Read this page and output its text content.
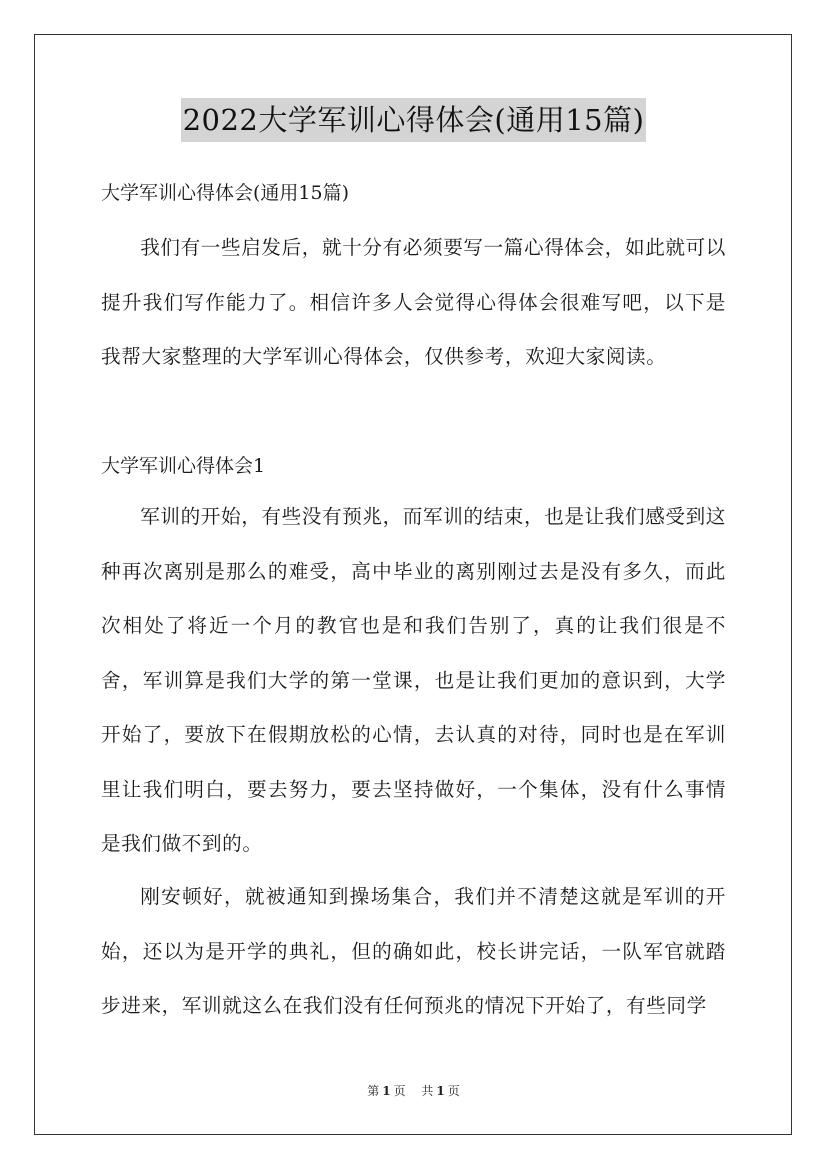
2022大学军训心得体会(通用15篇)
大学军训心得体会(通用15篇)

我们有一些启发后，就十分有必须要写一篇心得体会，如此就可以提升我们写作能力了。相信许多人会觉得心得体会很难写吧，以下是我帮大家整理的大学军训心得体会，仅供参考，欢迎大家阅读。

大学军训心得体会1

军训的开始，有些没有预兆，而军训的结束，也是让我们感受到这种再次离别是那么的难受，高中毕业的离别刚过去是没有多久，而此次相处了将近一个月的教官也是和我们告别了，真的让我们很是不舍，军训算是我们大学的第一堂课，也是让我们更加的意识到，大学开始了，要放下在假期放松的心情，去认真的对待，同时也是在军训里让我们明白，要去努力，要去坚持做好，一个集体，没有什么事情是我们做不到的。

刚安顿好，就被通知到操场集合，我们并不清楚这就是军训的开始，还以为是开学的典礼，但的确如此，校长讲完话，一队军官就踏步进来，军训就这么在我们没有任何预兆的情况下开始了，有些同学

第 1 页 共 1 页
